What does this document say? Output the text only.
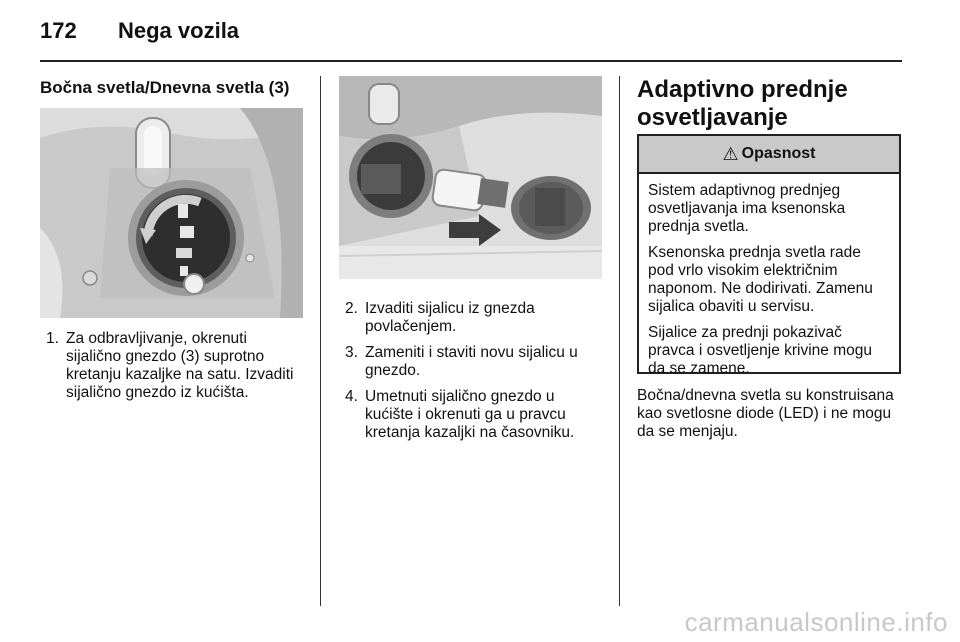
172 Nega vozila
Bočna svetla/Dnevna svetla (3)
1. Za odbravljivanje, okrenuti sijalično gnezdo (3) suprotno kretanju kazaljke na satu. Izvaditi sijalično gnezdo iz kućišta.
2. Izvaditi sijalicu iz gnezda povlačenjem.
3. Zameniti i staviti novu sijalicu u gnezdo.
4. Umetnuti sijalično gnezdo u kućište i okrenuti ga u pravcu kretanja kazaljki na časovniku.
Adaptivno prednje osvetljavanje
⚠ Opasnost

Sistem adaptivnog prednjeg osvetljavanja ima ksenonska prednja svetla.

Ksenonska prednja svetla rade pod vrlo visokim električnim naponom. Ne dodirivati. Zamenu sijalica obaviti u servisu.

Sijalice za prednji pokazivač pravca i osvetljenje krivine mogu da se zamene.

Bočna/dnevna svetla su konstruisana kao svetlosne diode (LED) i ne mogu da se menjaju.

carmanualsonline.info
